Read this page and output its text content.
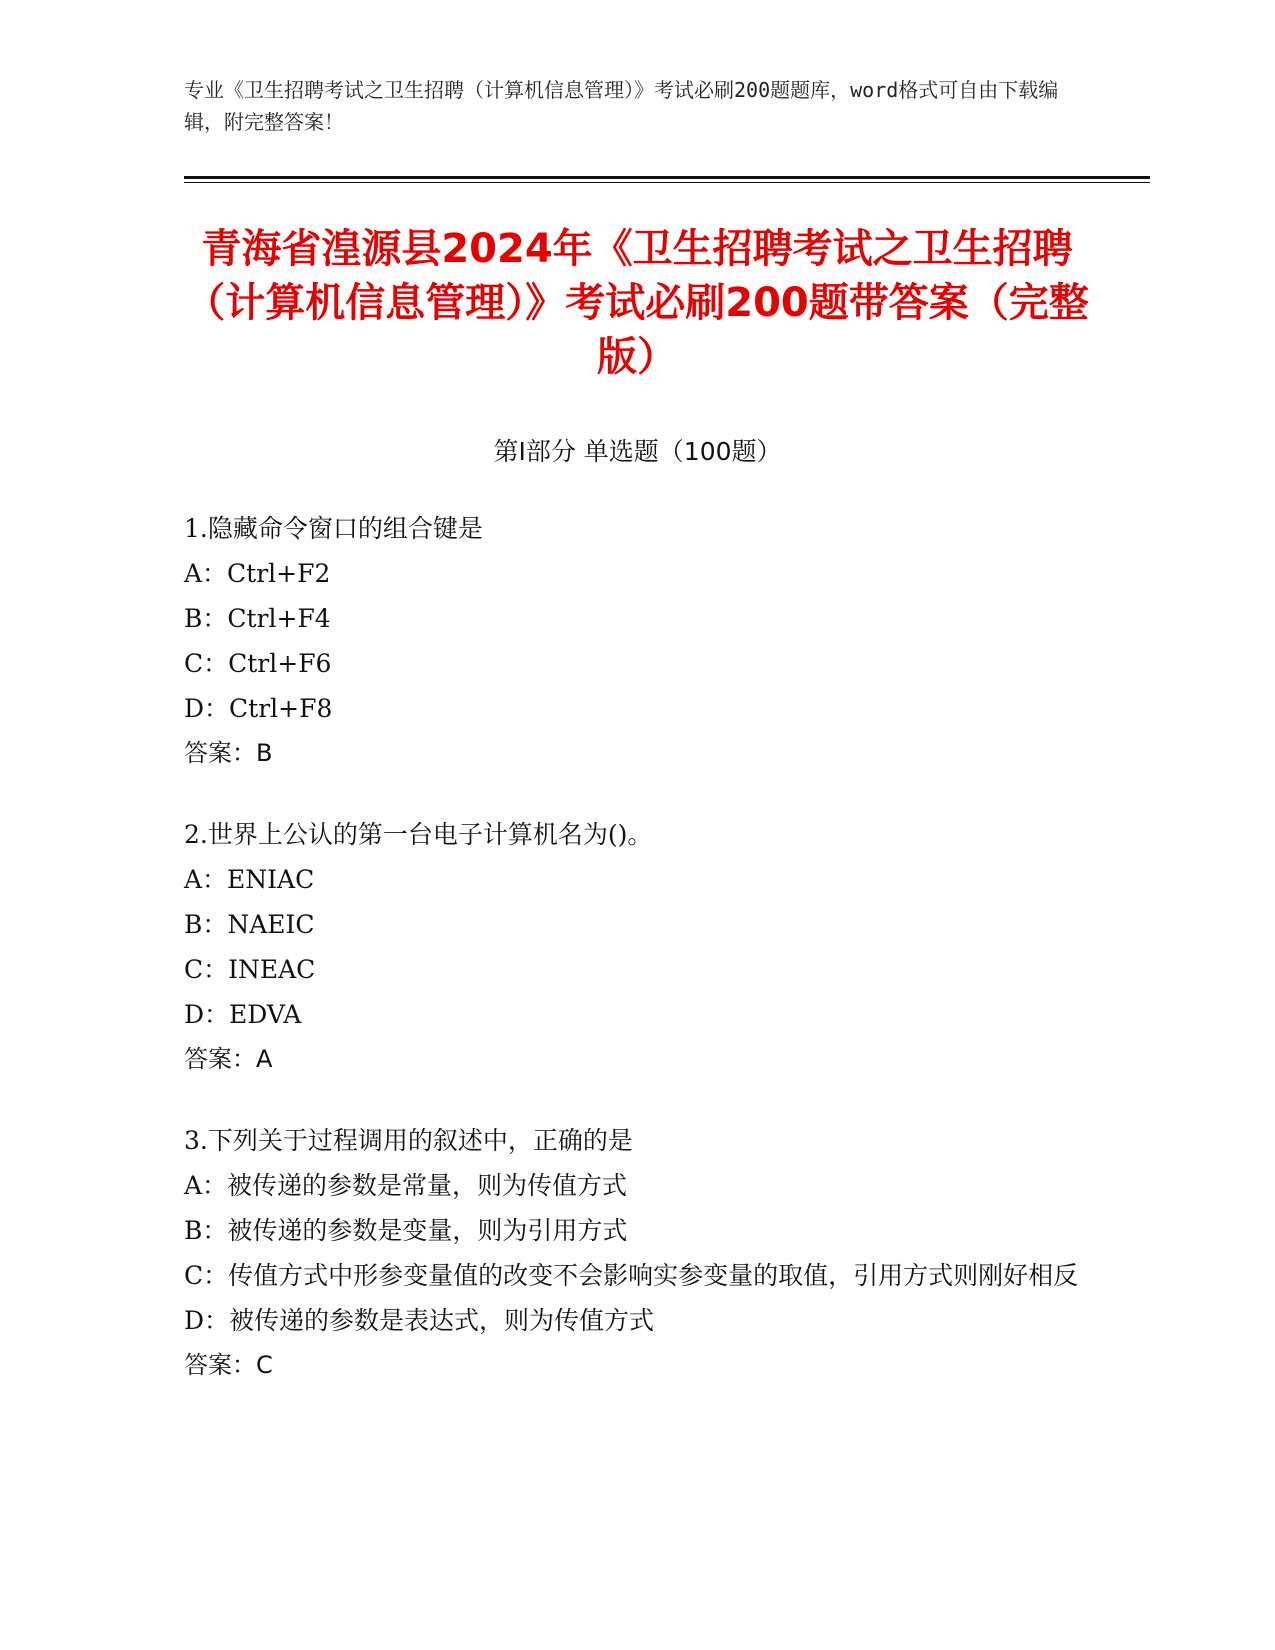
专业《卫生招聘考试之卫生招聘（计算机信息管理）》考试必刷200题题库，word格式可自由下载编辑，附完整答案！
青海省湟源县2024年《卫生招聘考试之卫生招聘（计算机信息管理）》考试必刷200题带答案（完整版）
第I部分 单选题（100题）
1.隐藏命令窗口的组合键是
A：Ctrl+F2
B：Ctrl+F4
C：Ctrl+F6
D：Ctrl+F8
答案：B
2.世界上公认的第一台电子计算机名为()。
A：ENIAC
B：NAEIC
C：INEAC
D：EDVA
答案：A
3.下列关于过程调用的叙述中，正确的是
A：被传递的参数是常量，则为传值方式
B：被传递的参数是变量，则为引用方式
C：传值方式中形参变量值的改变不会影响实参变量的取值，引用方式则刚好相反
D：被传递的参数是表达式，则为传值方式
答案：C
